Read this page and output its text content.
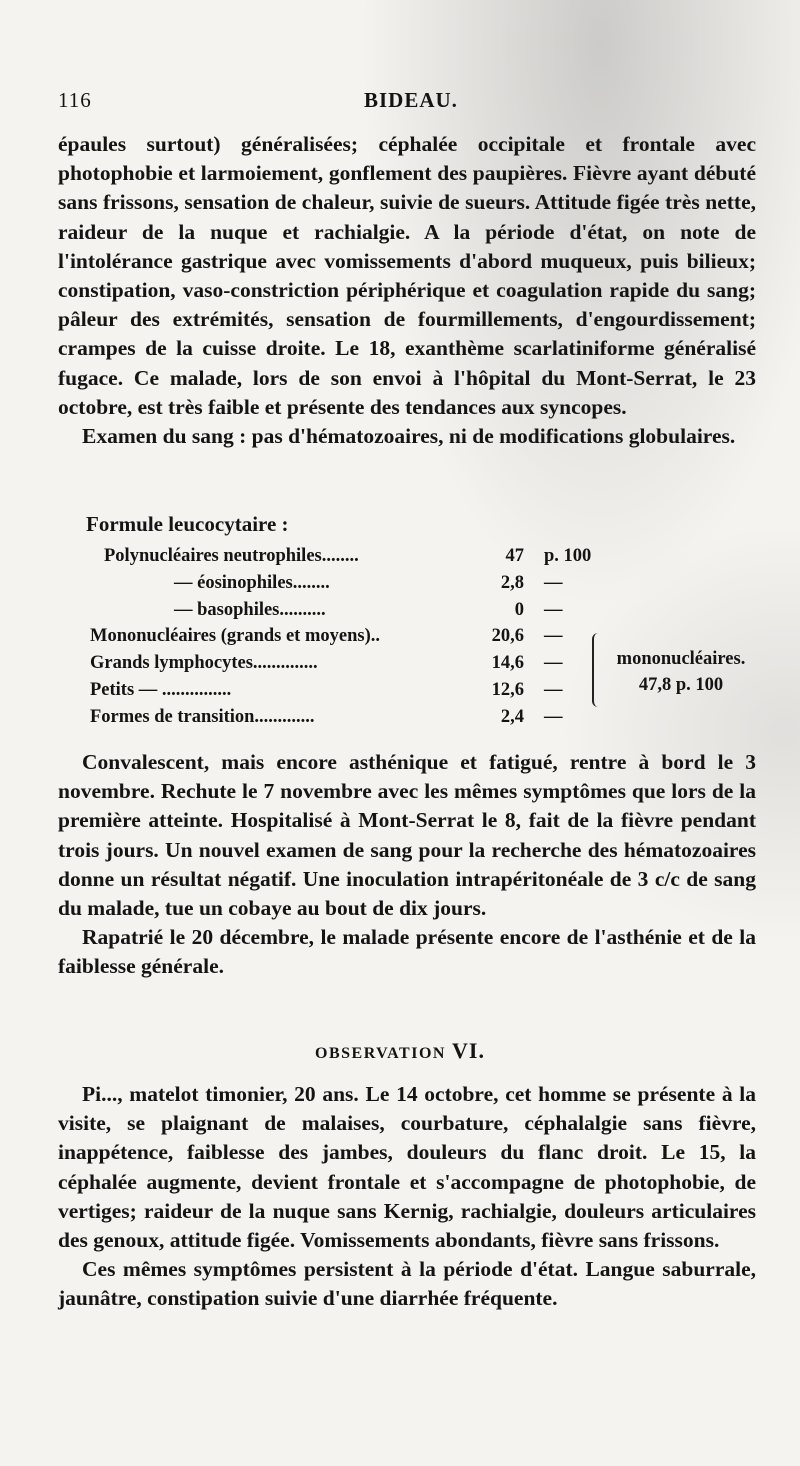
116	BIDEAU.

épaules surtout) généralisées; céphalée occipitale et frontale avec photophobie et larmoiement, gonflement des paupières. Fièvre ayant débuté sans frissons, sensation de chaleur, suivie de sueurs. Attitude figée très nette, raideur de la nuque et rachialgie. A la période d'état, on note de l'intolérance gastrique avec vomissements d'abord muqueux, puis bilieux; constipation, vaso-constriction périphérique et coagulation rapide du sang; pâleur des extrémités, sensation de fourmillements, d'engourdissement; crampes de la cuisse droite. Le 18, exanthème scarlatiniforme généralisé fugace. Ce malade, lors de son envoi à l'hôpital du Mont-Serrat, le 23 octobre, est très faible et présente des tendances aux syncopes.

Examen du sang : pas d'hématozoaires, ni de modifications globulaires.

Formule leucocytaire :
Polynucléaires neutrophiles........	47 p. 100
— éosinophiles........	2,8 —
— basophiles..........	0 —
Mononucléaires (grands et moyens)..	20,6 —
Grands lymphocytes..............	14,6 —
Petits — ...............	12,6 —
Formes de transition.............	2,4 —
mononucléaires.
47,8 p. 100

Convalescent, mais encore asthénique et fatigué, rentre à bord le 3 novembre. Rechute le 7 novembre avec les mêmes symptômes que lors de la première atteinte. Hospitalisé à Mont-Serrat le 8, fait de la fièvre pendant trois jours. Un nouvel examen de sang pour la recherche des hématozoaires donne un résultat négatif. Une inoculation intrapéritonéale de 3 c/c de sang du malade, tue un cobaye au bout de dix jours.

Rapatrié le 20 décembre, le malade présente encore de l'asthénie et de la faiblesse générale.

OBSERVATION VI.

Pi..., matelot timonier, 20 ans. Le 14 octobre, cet homme se présente à la visite, se plaignant de malaises, courbature, céphalalgie sans fièvre, inappétence, faiblesse des jambes, douleurs du flanc droit. Le 15, la céphalée augmente, devient frontale et s'accompagne de photophobie, de vertiges; raideur de la nuque sans Kernig, rachialgie, douleurs articulaires des genoux, attitude figée. Vomissements abondants, fièvre sans frissons.

Ces mêmes symptômes persistent à la période d'état. Langue saburrale, jaunâtre, constipation suivie d'une diarrhée fréquente.
